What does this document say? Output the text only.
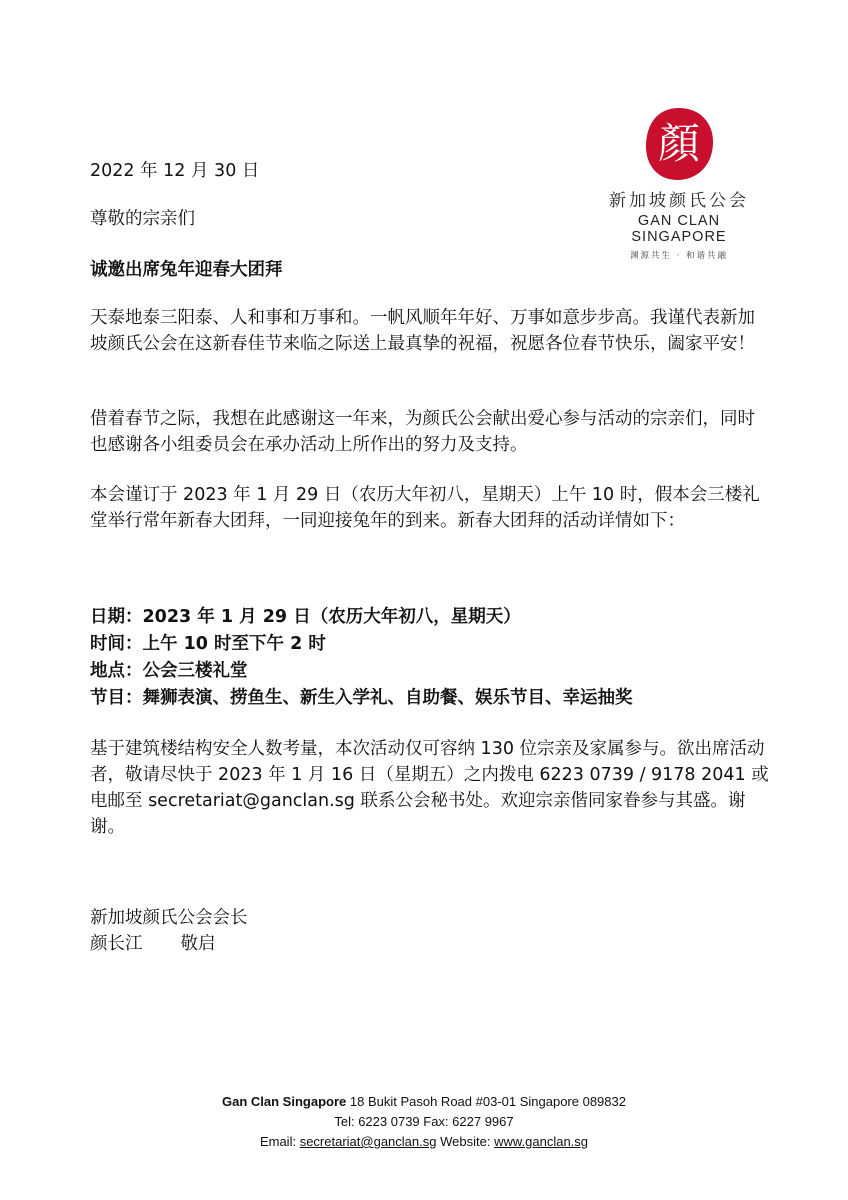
顏
新加坡颜氏公会
GAN CLAN SINGAPORE
渊源共生 · 和谐共融
2022 年 12 月 30 日
尊敬的宗亲们
诚邀出席兔年迎春大团拜
天泰地泰三阳泰、人和事和万事和。一帆风顺年年好、万事如意步步高。我谨代表新加坡颜氏公会在这新春佳节来临之际送上最真挚的祝福，祝愿各位春节快乐，阖家平安！
借着春节之际，我想在此感谢这一年来，为颜氏公会献出爱心参与活动的宗亲们，同时也感谢各小组委员会在承办活动上所作出的努力及支持。
本会谨订于 2023 年 1 月 29 日（农历大年初八，星期天）上午 10 时，假本会三楼礼堂举行常年新春大团拜，一同迎接兔年的到来。新春大团拜的活动详情如下：
日期：2023 年 1 月 29 日（农历大年初八，星期天）
时间：上午 10 时至下午 2 时
地点：公会三楼礼堂
节目：舞狮表演、捞鱼生、新生入学礼、自助餐、娱乐节目、幸运抽奖
基于建筑楼结构安全人数考量，本次活动仅可容纳 130 位宗亲及家属参与。欲出席活动者，敬请尽快于 2023 年 1 月 16 日（星期五）之内拨电 6223 0739 / 9178 2041 或电邮至 secretariat@ganclan.sg 联系公会秘书处。欢迎宗亲偕同家眷参与其盛。谢谢。
新加坡颜氏公会会长
颜长江 敬启
Gan Clan Singapore 18 Bukit Pasoh Road #03-01 Singapore 089832
Tel: 6223 0739 Fax: 6227 9967
Email: secretariat@ganclan.sg Website: www.ganclan.sg
